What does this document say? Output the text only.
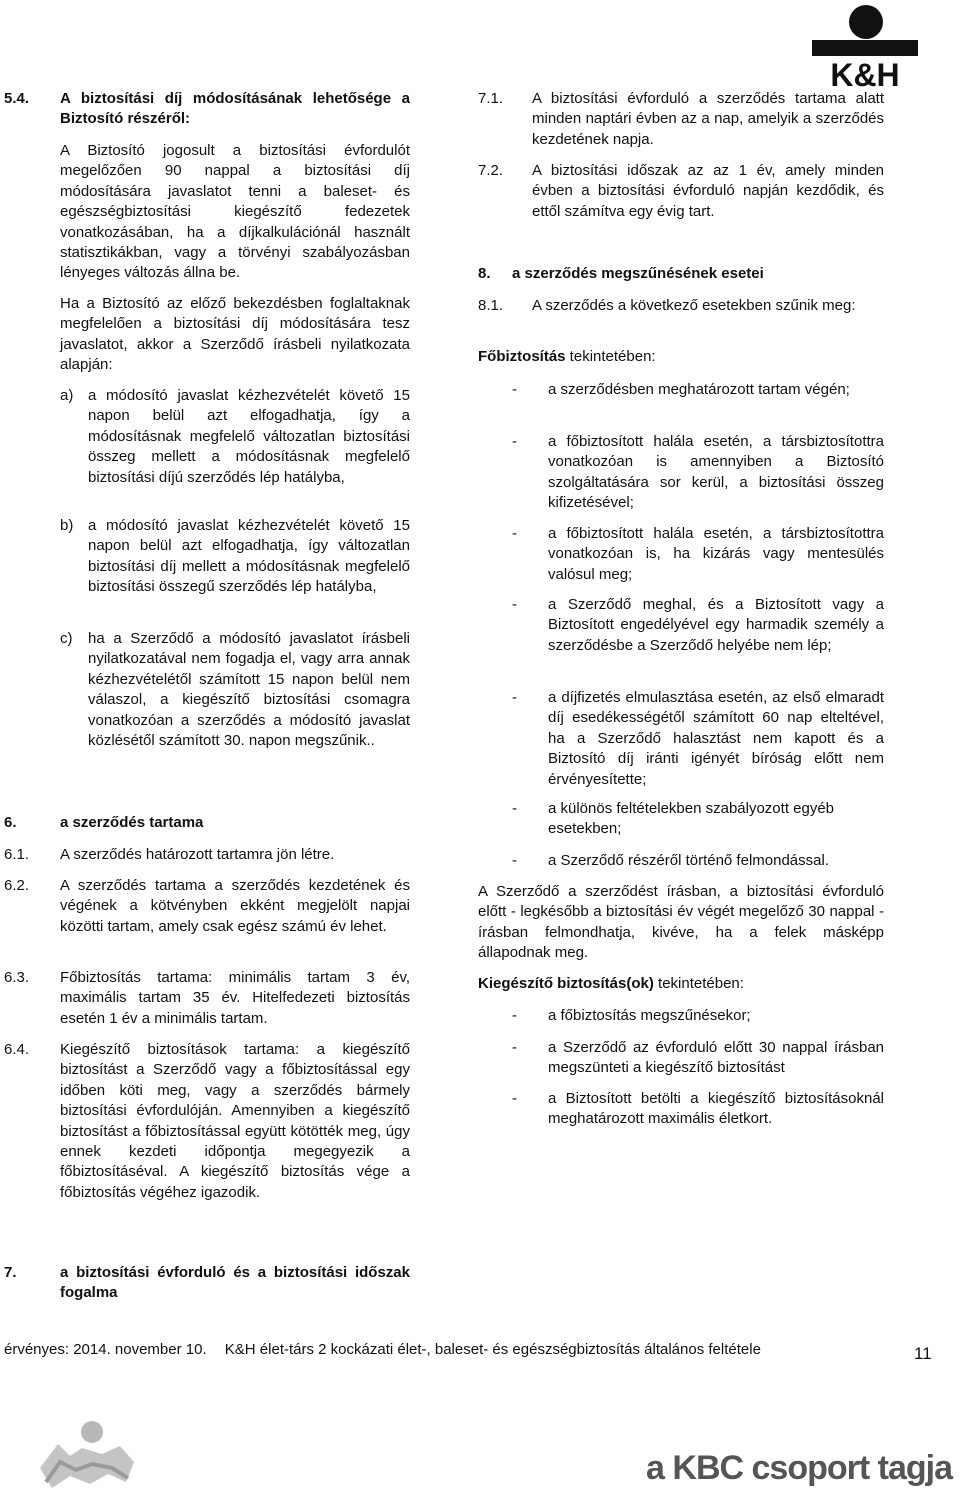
K&H
5.4. A biztosítási díj módosításának lehetősége a Biztosító részéről:

A Biztosító jogosult a biztosítási évfordulót megelőzően 90 nappal a biztosítási díj módosítására javaslatot tenni a baleset- és egészségbiztosítási kiegészítő fedezetek vonatkozásában, ha a díjkalkulációnál használt statisztikákban, vagy a törvényi szabályozásban lényeges változás állna be.

Ha a Biztosító az előző bekezdésben foglaltaknak megfelelően a biztosítási díj módosítására tesz javaslatot, akkor a Szerződő írásbeli nyilatkozata alapján:

a) a módosító javaslat kézhezvételét követő 15 napon belül azt elfogadhatja, így a módosításnak megfelelő változatlan biztosítási összeg mellett a módosításnak megfelelő biztosítási díjú szerződés lép hatályba,
b) a módosító javaslat kézhezvételét követő 15 napon belül azt elfogadhatja, így változatlan biztosítási díj mellett a módosításnak megfelelő biztosítási összegű szerződés lép hatályba,
c) ha a Szerződő a módosító javaslatot írásbeli nyilatkozatával nem fogadja el, vagy arra annak kézhezvételétől számított 15 napon belül nem válaszol, a kiegészítő biztosítási csomagra vonatkozóan a szerződés a módosító javaslat közlésétől számított 30. napon megszűnik..
6.	a szerződés tartama
6.1. A szerződés határozott tartamra jön létre.
6.2. A szerződés tartama a szerződés kezdetének és végének a kötvényben ekként megjelölt napjai közötti tartam, amely csak egész számú év lehet.
6.3. Főbiztosítás tartama: minimális tartam 3 év, maximális tartam 35 év. Hitelfedezeti biztosítás esetén 1 év a minimális tartam.
6.4. Kiegészítő biztosítások tartama: a kiegészítő biztosítást a Szerződő vagy a főbiztosítással egy időben köti meg, vagy a szerződés bármely biztosítási évfordulóján. Amennyiben a kiegészítő biztosítást a főbiztosítással együtt kötötték meg, úgy ennek kezdeti időpontja megegyezik a főbiztosításéval. A kiegészítő biztosítás vége a főbiztosítás végéhez igazodik.
7.	a biztosítási évforduló és a biztosítási időszak fogalma
7.1. A biztosítási évforduló a szerződés tartama alatt minden naptári évben az a nap, amelyik a szerződés kezdetének napja.
7.2. A biztosítási időszak az az 1 év, amely minden évben a biztosítási évforduló napján kezdődik, és ettől számítva egy évig tart.
8. a szerződés megszűnésének esetei
8.1. A szerződés a következő esetekben szűnik meg:

Főbiztosítás tekintetében:

- a szerződésben meghatározott tartam végén;
- a főbiztosított halála esetén, a társbiztosítottra vonatkozóan is amennyiben a Biztosító szolgáltatására sor kerül, a biztosítási összeg kifizetésével;
- a főbiztosított halála esetén, a társbiztosítottra vonatkozóan is, ha kizárás vagy mentesülés valósul meg;
- a Szerződő meghal, és a Biztosított vagy a Biztosított engedélyével egy harmadik személy a szerződésbe a Szerződő helyébe nem lép;
- a díjfizetés elmulasztása esetén, az első elmaradt díj esedékességétől számított 60 nap elteltével, ha a Szerződő halasztást nem kapott és a Biztosító díj iránti igényét bíróság előtt nem érvényesítette;
- a különös feltételekben szabályozott egyéb esetekben;
- a Szerződő részéről történő felmondással.

A Szerződő a szerződést írásban, a biztosítási évforduló előtt - legkésőbb a biztosítási év végét megelőző 30 nappal - írásban felmondhatja, kivéve, ha a felek másképp állapodnak meg.

Kiegészítő biztosítás(ok) tekintetében:

- a főbiztosítás megszűnésekor;
- a Szerződő az évforduló előtt 30 nappal írásban megszünteti a kiegészítő biztosítást
- a Biztosított betölti a kiegészítő biztosításoknál meghatározott maximális életkort.
érvényes: 2014. november 10. K&H élet-társ 2 kockázati élet-, baleset- és egészségbiztosítás általános feltétele	11
a KBC csoport tagja
